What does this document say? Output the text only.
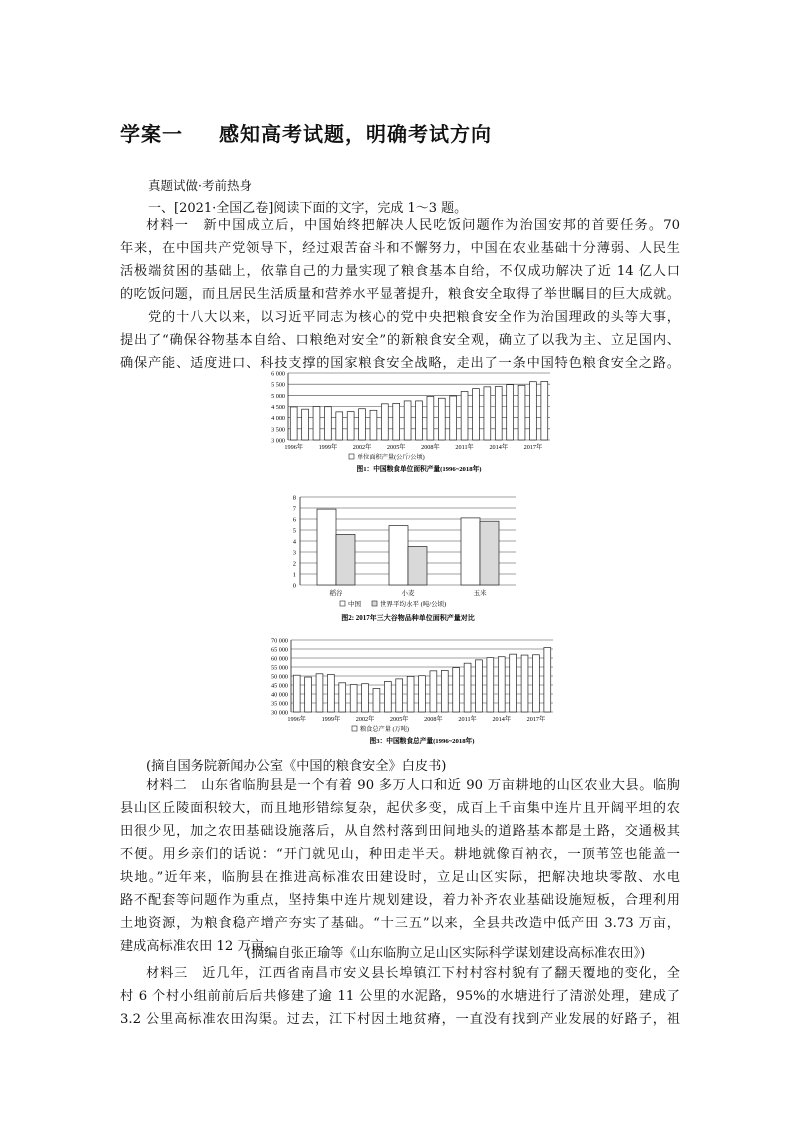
学案一 感知高考试题，明确考试方向
真题试做·考前热身
一、[2021·全国乙卷]阅读下面的文字，完成 1～3 题。
材料一　新中国成立后，中国始终把解决人民吃饭问题作为治国安邦的首要任务。70
年来，在中国共产党领导下，经过艰苦奋斗和不懈努力，中国在农业基础十分薄弱、人民生
活极端贫困的基础上，依靠自己的力量实现了粮食基本自给，不仅成功解决了近 14 亿人口
的吃饭问题，而且居民生活质量和营养水平显著提升，粮食安全取得了举世瞩目的巨大成就。
　　党的十八大以来，以习近平同志为核心的党中央把粮食安全作为治国理政的头等大事，
提出了“确保谷物基本自给、口粮绝对安全”的新粮食安全观，确立了以我为主、立足国内、
确保产能、适度进口、科技支撑的国家粮食安全战略，走出了一条中国特色粮食安全之路。
3 000
3 500
4 000
4 500
5 000
5 500
6 000
1996年	1999年	2002年	2005年	2008年	2011年	2014年	2017年
单位面积产量(公斤/公顷)
图1：中国粮食单位面积产量(1996~2018年)
0
1
2
3
4
5
6
7
8
稻谷	小麦	玉米
中国	世界平均水平 (吨/公顷)
图2: 2017年三大谷物品种单位面积产量对比
30 000
35 000
40 000
45 000
50 000
55 000
60 000
65 000
70 000
1996年	1999年	2002年	2005年	2008年	2011年	2014年	2017年
粮食总产量 (万吨)
图3：中国粮食总产量(1996~2018年)
(摘自国务院新闻办公室《中国的粮食安全》白皮书)
材料二　山东省临朐县是一个有着 90 多万人口和近 90 万亩耕地的山区农业大县。临朐
县山区丘陵面积较大，而且地形错综复杂，起伏多变，成百上千亩集中连片且开阔平坦的农
田很少见，加之农田基础设施落后，从自然村落到田间地头的道路基本都是土路，交通极其
不便。用乡亲们的话说：“开门就见山，种田走半天。耕地就像百衲衣，一顶苇笠也能盖一
块地。”近年来，临朐县在推进高标准农田建设时，立足山区实际，把解决地块零散、水电
路不配套等问题作为重点，坚持集中连片规划建设，着力补齐农业基础设施短板，合理利用
土地资源，为粮食稳产增产夯实了基础。“十三五”以来，全县共改造中低产田 3.73 万亩，
建成高标准农田 12 万亩。
(摘编自张正瑜等《山东临朐立足山区实际科学谋划建设高标准农田》)
材料三　近几年，江西省南昌市安义县长埠镇江下村村容村貌有了翻天覆地的变化，全
村 6 个村小组前前后后共修建了逾 11 公里的水泥路，95%的水塘进行了清淤处理，建成了
3.2 公里高标准农田沟渠。过去，江下村因土地贫瘠，一直没有找到产业发展的好路子，祖
